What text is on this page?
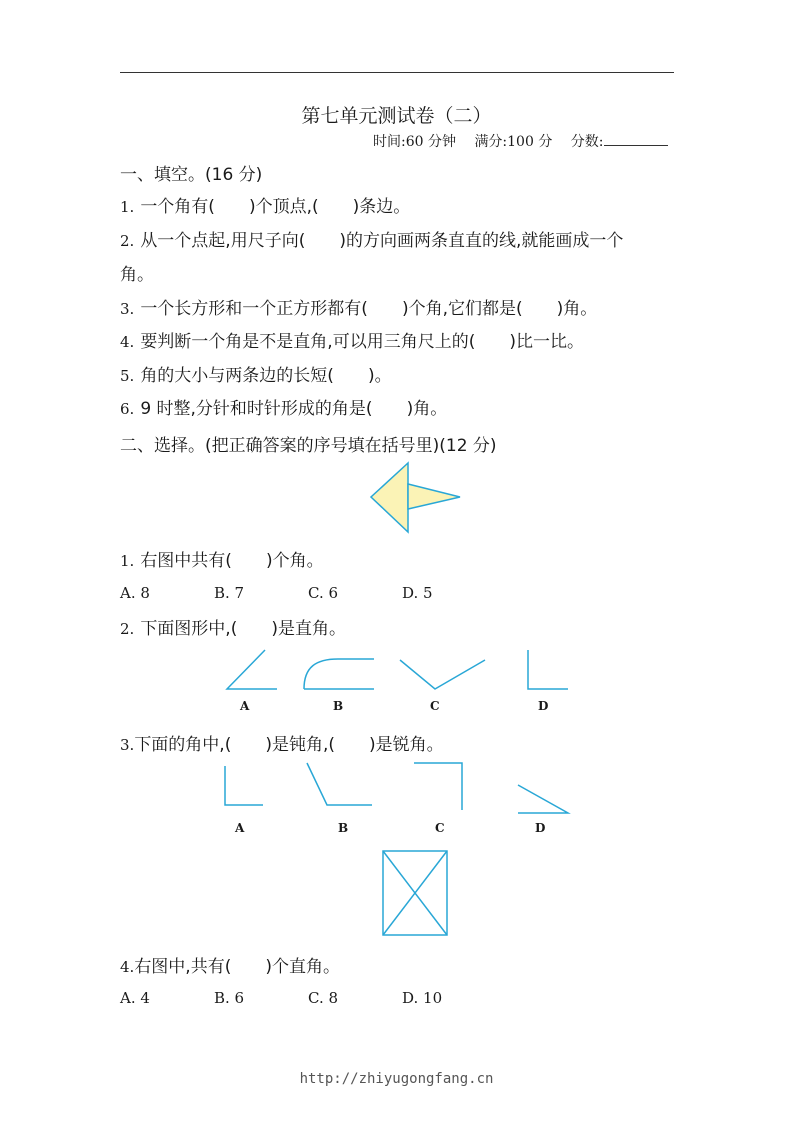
第七单元测试卷（二）
时间:60 分钟 满分:100 分 分数:
一、填空。(16 分)
1. 一个角有(　　)个顶点,(　　)条边。
2. 从一个点起,用尺子向(　　)的方向画两条直直的线,就能画成一个
角。
3. 一个长方形和一个正方形都有(　　)个角,它们都是(　　)角。
4. 要判断一个角是不是直角,可以用三角尺上的(　　)比一比。
5. 角的大小与两条边的长短(　　)。
6. 9 时整,分针和时针形成的角是(　　)角。
二、选择。(把正确答案的序号填在括号里)(12 分)
1. 右图中共有(　　)个角。
A. 8	B. 7	C. 6	D. 5
2. 下面图形中,(　　)是直角。
A	B	C	D
3.下面的角中,(　　)是钝角,(　　)是锐角。
A	B	C	D
4.右图中,共有(　　)个直角。
A. 4	B. 6	C. 8	D. 10
http://zhiyugongfang.cn
